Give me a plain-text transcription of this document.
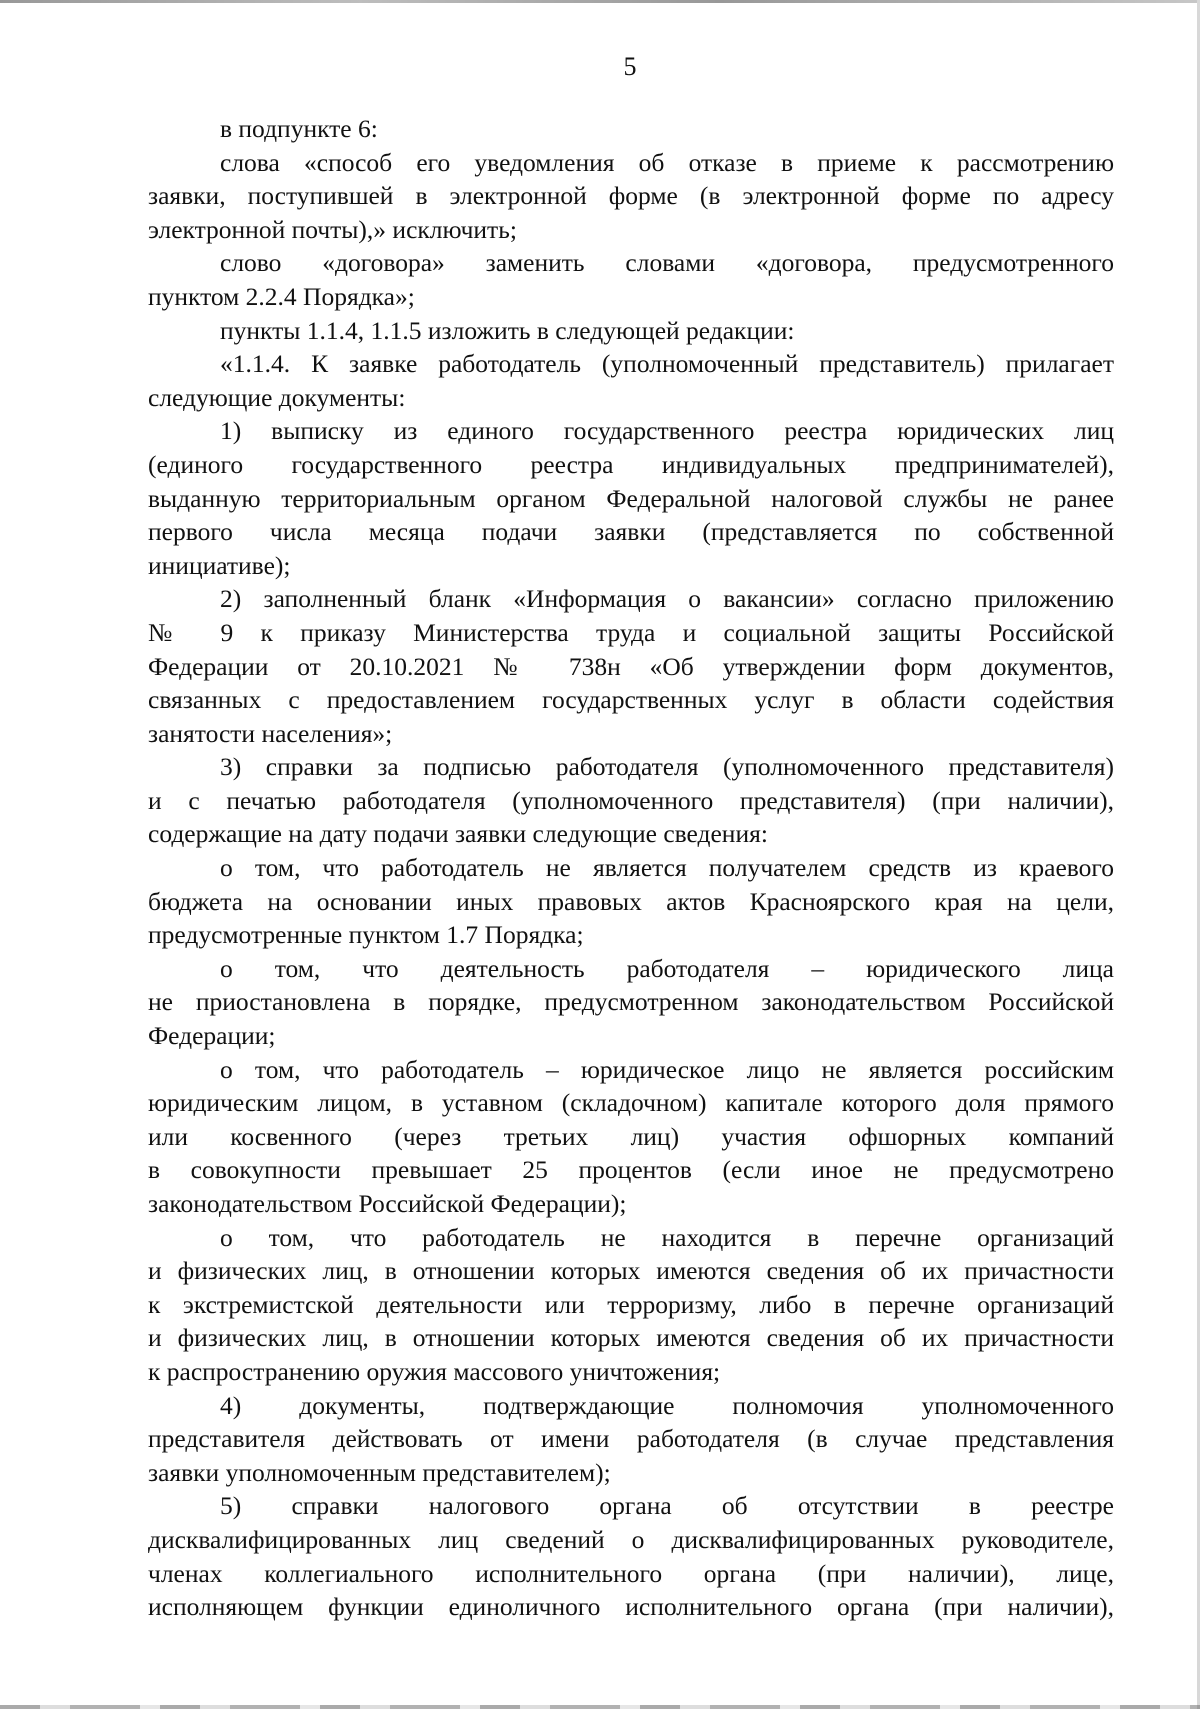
5
в подпункте 6:
слова «способ его уведомления об отказе в приеме к рассмотрению
заявки, поступившей в электронной форме (в электронной форме по адресу
электронной почты),» исключить;
слово «договора» заменить словами «договора, предусмотренного
пунктом 2.2.4 Порядка»;
пункты 1.1.4, 1.1.5 изложить в следующей редакции:
«1.1.4. К заявке работодатель (уполномоченный представитель) прилагает
следующие документы:
1) выписку из единого государственного реестра юридических лиц
(единого государственного реестра индивидуальных предпринимателей),
выданную территориальным органом Федеральной налоговой службы не ранее
первого числа месяца подачи заявки (представляется по собственной
инициативе);
2) заполненный бланк «Информация о вакансии» согласно приложению
№ 9 к приказу Министерства труда и социальной защиты Российской
Федерации от 20.10.2021 № 738н «Об утверждении форм документов,
связанных с предоставлением государственных услуг в области содействия
занятости населения»;
3) справки за подписью работодателя (уполномоченного представителя)
и с печатью работодателя (уполномоченного представителя) (при наличии),
содержащие на дату подачи заявки следующие сведения:
о том, что работодатель не является получателем средств из краевого
бюджета на основании иных правовых актов Красноярского края на цели,
предусмотренные пунктом 1.7 Порядка;
о том, что деятельность работодателя – юридического лица
не приостановлена в порядке, предусмотренном законодательством Российской
Федерации;
о том, что работодатель – юридическое лицо не является российским
юридическим лицом, в уставном (складочном) капитале которого доля прямого
или косвенного (через третьих лиц) участия офшорных компаний
в совокупности превышает 25 процентов (если иное не предусмотрено
законодательством Российской Федерации);
о том, что работодатель не находится в перечне организаций
и физических лиц, в отношении которых имеются сведения об их причастности
к экстремистской деятельности или терроризму, либо в перечне организаций
и физических лиц, в отношении которых имеются сведения об их причастности
к распространению оружия массового уничтожения;
4) документы, подтверждающие полномочия уполномоченного
представителя действовать от имени работодателя (в случае представления
заявки уполномоченным представителем);
5) справки налогового органа об отсутствии в реестре
дисквалифицированных лиц сведений о дисквалифицированных руководителе,
членах коллегиального исполнительного органа (при наличии), лице,
исполняющем функции единоличного исполнительного органа (при наличии),
